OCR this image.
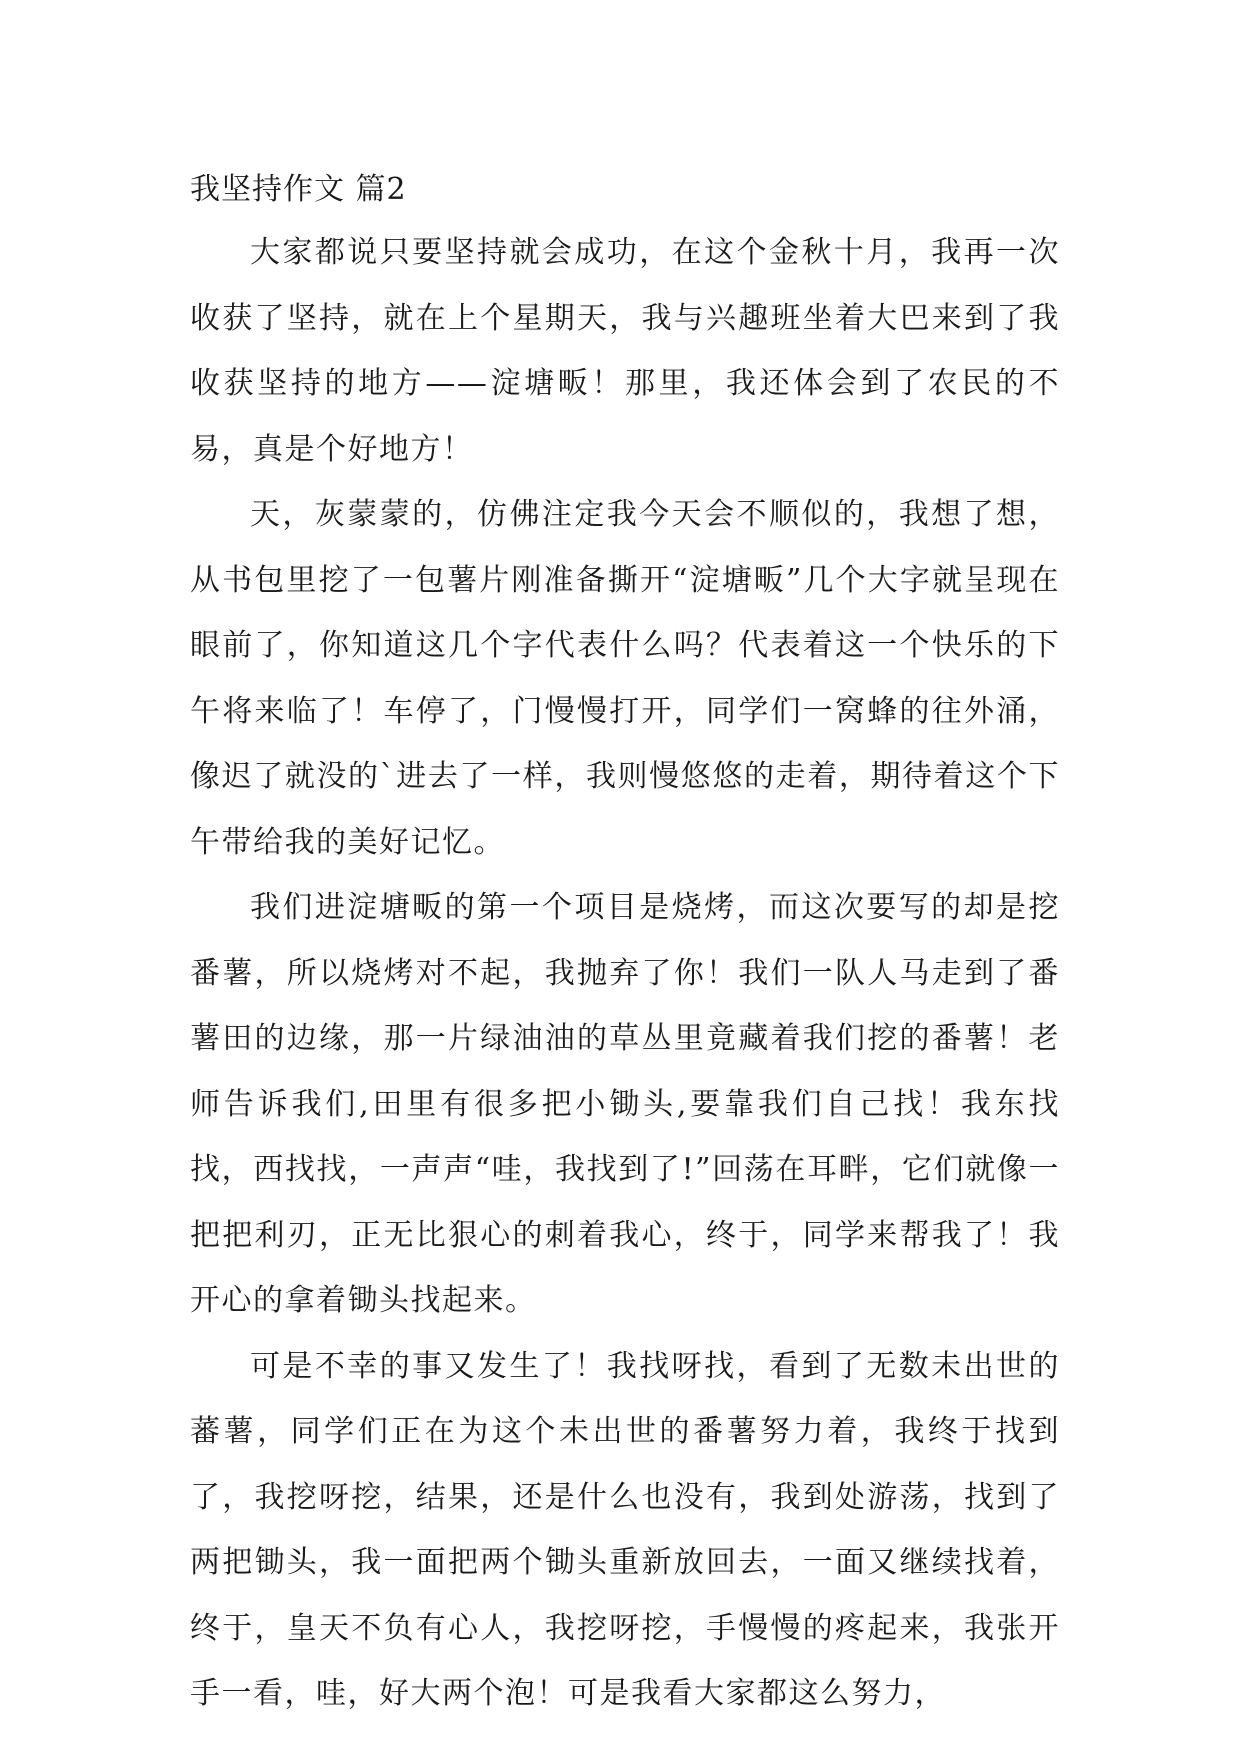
我坚持作文 篇2

大家都说只要坚持就会成功，在这个金秋十月，我再一次收获了坚持，就在上个星期天，我与兴趣班坐着大巴来到了我收获坚持的地方——淀塘畈！那里，我还体会到了农民的不易，真是个好地方！

天，灰蒙蒙的，仿佛注定我今天会不顺似的，我想了想，从书包里挖了一包薯片刚准备撕开“淀塘畈”几个大字就呈现在眼前了，你知道这几个字代表什么吗？代表着这一个快乐的下午将来临了！车停了，门慢慢打开，同学们一窝蜂的往外涌，像迟了就没的`进去了一样，我则慢悠悠的走着，期待着这个下午带给我的美好记忆。

我们进淀塘畈的第一个项目是烧烤，而这次要写的却是挖番薯，所以烧烤对不起，我抛弃了你！我们一队人马走到了番薯田的边缘，那一片绿油油的草丛里竟藏着我们挖的番薯！老师告诉我们,田里有很多把小锄头,要靠我们自己找！我东找找，西找找，一声声“哇，我找到了!”回荡在耳畔，它们就像一把把利刃，正无比狠心的刺着我心，终于，同学来帮我了！我开心的拿着锄头找起来。

可是不幸的事又发生了！我找呀找，看到了无数未出世的蕃薯，同学们正在为这个未出世的番薯努力着，我终于找到了，我挖呀挖，结果，还是什么也没有，我到处游荡，找到了两把锄头，我一面把两个锄头重新放回去，一面又继续找着，终于，皇天不负有心人，我挖呀挖，手慢慢的疼起来，我张开手一看，哇，好大两个泡！可是我看大家都这么努力，
